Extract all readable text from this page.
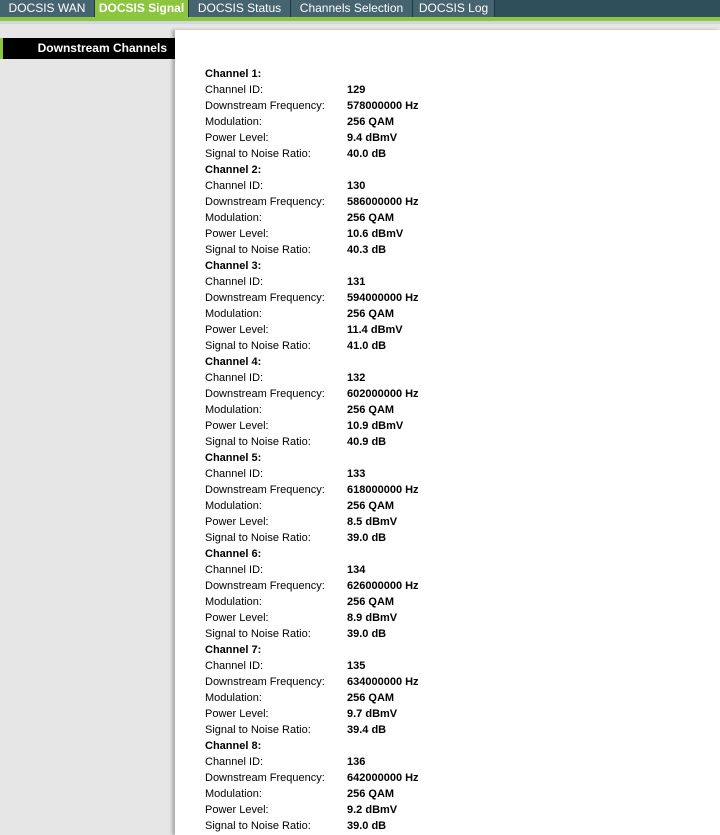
DOCSIS WAN	DOCSIS Signal	DOCSIS Status	Channels Selection	DOCSIS Log
Downstream Channels
Channel 1:
Channel ID:	129
Downstream Frequency: 578000000 Hz
Modulation:	256 QAM
Power Level:	9.4 dBmV
Signal to Noise Ratio:	40.0 dB
Channel 2:
Channel ID:	130
Downstream Frequency: 586000000 Hz
Modulation:	256 QAM
Power Level:	10.6 dBmV
Signal to Noise Ratio:	40.3 dB
Channel 3:
Channel ID:	131
Downstream Frequency: 594000000 Hz
Modulation:	256 QAM
Power Level:	11.4 dBmV
Signal to Noise Ratio:	41.0 dB
Channel 4:
Channel ID:	132
Downstream Frequency: 602000000 Hz
Modulation:	256 QAM
Power Level:	10.9 dBmV
Signal to Noise Ratio:	40.9 dB
Channel 5:
Channel ID:	133
Downstream Frequency: 618000000 Hz
Modulation:	256 QAM
Power Level:	8.5 dBmV
Signal to Noise Ratio:	39.0 dB
Channel 6:
Channel ID:	134
Downstream Frequency: 626000000 Hz
Modulation:	256 QAM
Power Level:	8.9 dBmV
Signal to Noise Ratio:	39.0 dB
Channel 7:
Channel ID:	135
Downstream Frequency: 634000000 Hz
Modulation:	256 QAM
Power Level:	9.7 dBmV
Signal to Noise Ratio:	39.4 dB
Channel 8:
Channel ID:	136
Downstream Frequency: 642000000 Hz
Modulation:	256 QAM
Power Level:	9.2 dBmV
Signal to Noise Ratio:	39.0 dB
